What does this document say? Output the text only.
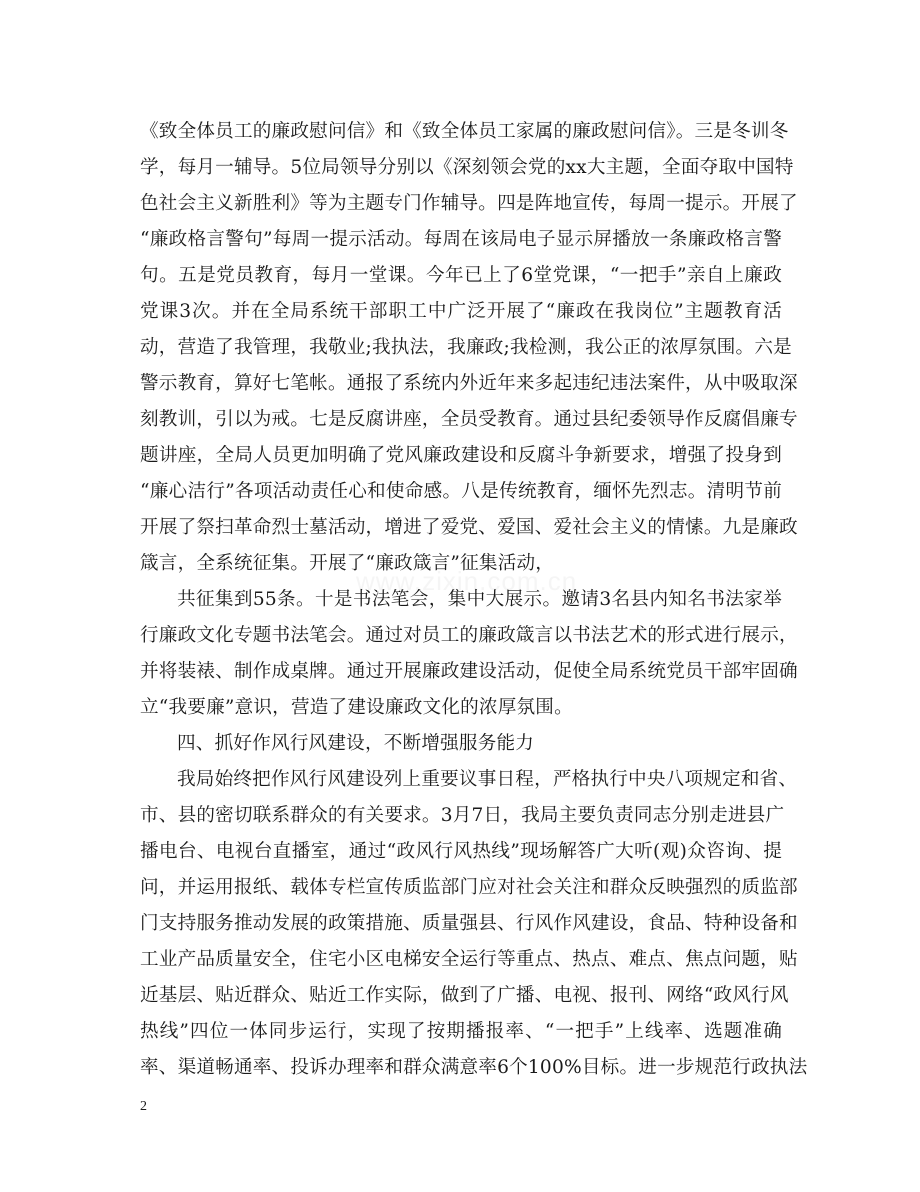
www.zixin.com.cn
《致全体员工的廉政慰问信》和《致全体员工家属的廉政慰问信》。三是冬训冬
学，每月一辅导。5位局领导分别以《深刻领会党的xx大主题，全面夺取中国特
色社会主义新胜利》等为主题专门作辅导。四是阵地宣传，每周一提示。开展了
“廉政格言警句”每周一提示活动。每周在该局电子显示屏播放一条廉政格言警
句。五是党员教育，每月一堂课。今年已上了6堂党课，“一把手”亲自上廉政
党课3次。并在全局系统干部职工中广泛开展了“廉政在我岗位”主题教育活
动，营造了我管理，我敬业;我执法，我廉政;我检测，我公正的浓厚氛围。六是
警示教育，算好七笔帐。通报了系统内外近年来多起违纪违法案件，从中吸取深
刻教训，引以为戒。七是反腐讲座，全员受教育。通过县纪委领导作反腐倡廉专
题讲座，全局人员更加明确了党风廉政建设和反腐斗争新要求，增强了投身到
“廉心洁行”各项活动责任心和使命感。八是传统教育，缅怀先烈志。清明节前
开展了祭扫革命烈士墓活动，增进了爱党、爱国、爱社会主义的情愫。九是廉政
箴言，全系统征集。开展了“廉政箴言”征集活动，
共征集到55条。十是书法笔会，集中大展示。邀请3名县内知名书法家举
行廉政文化专题书法笔会。通过对员工的廉政箴言以书法艺术的形式进行展示，
并将装裱、制作成桌牌。通过开展廉政建设活动，促使全局系统党员干部牢固确
立“我要廉”意识，营造了建设廉政文化的浓厚氛围。
四、抓好作风行风建设，不断增强服务能力
我局始终把作风行风建设列上重要议事日程，严格执行中央八项规定和省、
市、县的密切联系群众的有关要求。3月7日，我局主要负责同志分别走进县广
播电台、电视台直播室，通过“政风行风热线”现场解答广大听(观)众咨询、提
问，并运用报纸、载体专栏宣传质监部门应对社会关注和群众反映强烈的质监部
门支持服务推动发展的政策措施、质量强县、行风作风建设，食品、特种设备和
工业产品质量安全，住宅小区电梯安全运行等重点、热点、难点、焦点问题，贴
近基层、贴近群众、贴近工作实际，做到了广播、电视、报刊、网络“政风行风
热线”四位一体同步运行，实现了按期播报率、“一把手”上线率、选题准确
率、渠道畅通率、投诉办理率和群众满意率6个100%目标。进一步规范行政执法
2
